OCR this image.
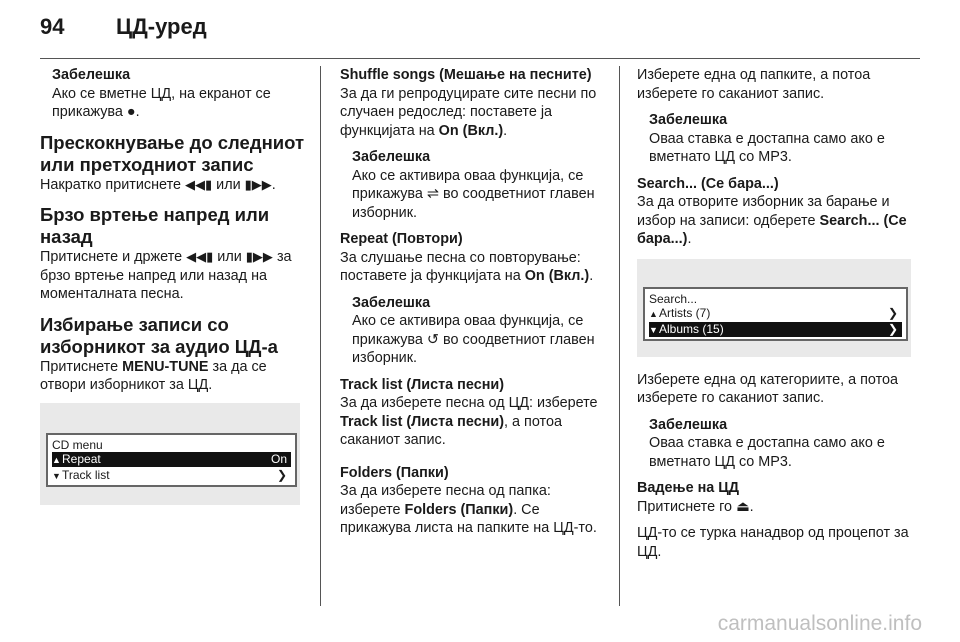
94 ЦД-уред
Забелешка
Ако се вметне ЦД, на екранот се прикажува ●.
Прескокнување до следниот или претходниот запис

Накратко притиснете ◀◀▮ или ▮▶▶.

Брзо вртење напред или назад

Притиснете и држете ◀◀▮ или ▮▶▶ за брзо вртење напред или назад на моменталната песна.

Избирање записи со изборникот за аудио ЦД-а

Притиснете MENU-TUNE за да се отвори изборникот за ЦД.

CD menu
▲Repeat	On
▼Track list	❯
Shuffle songs (Мешање на песните)

За да ги репродуцирате сите песни по случаен редослед: поставете ја функцијата на On (Вкл.).

Забелешка
Ако се активира оваа функција, се прикажува ⇌ во соодветниот главен изборник.
Repeat (Повтори)

За слушање песна со повторување: поставете ја функцијата на On (Вкл.).

Забелешка
Ако се активира оваа функција, се прикажува ↺ во соодветниот главен изборник.
Track list (Листа песни)

За да изберете песна од ЦД: изберете Track list (Листа песни), а потоа саканиот запис.

Folders (Папки)

За да изберете песна од папка: изберете Folders (Папки). Се прикажува листа на папките на ЦД-то.

Изберете една од папките, а потоа изберете го саканиот запис.

Забелешка
Оваа ставка е достапна само ако е вметнато ЦД со MP3.
Search... (Се бара...)

За да отворите изборник за барање и избор на записи: одберете Search... (Се бара...).

Search...
▲Artists (7)	❯
▼Albums (15)	❯

Изберете една од категориите, а потоа изберете го саканиот запис.

Забелешка
Оваа ставка е достапна само ако е вметнато ЦД со MP3.
Вадење на ЦД

Притиснете го ⏏.

ЦД-то се турка нанадвор од процепот за ЦД.

carmanualsonline.info
